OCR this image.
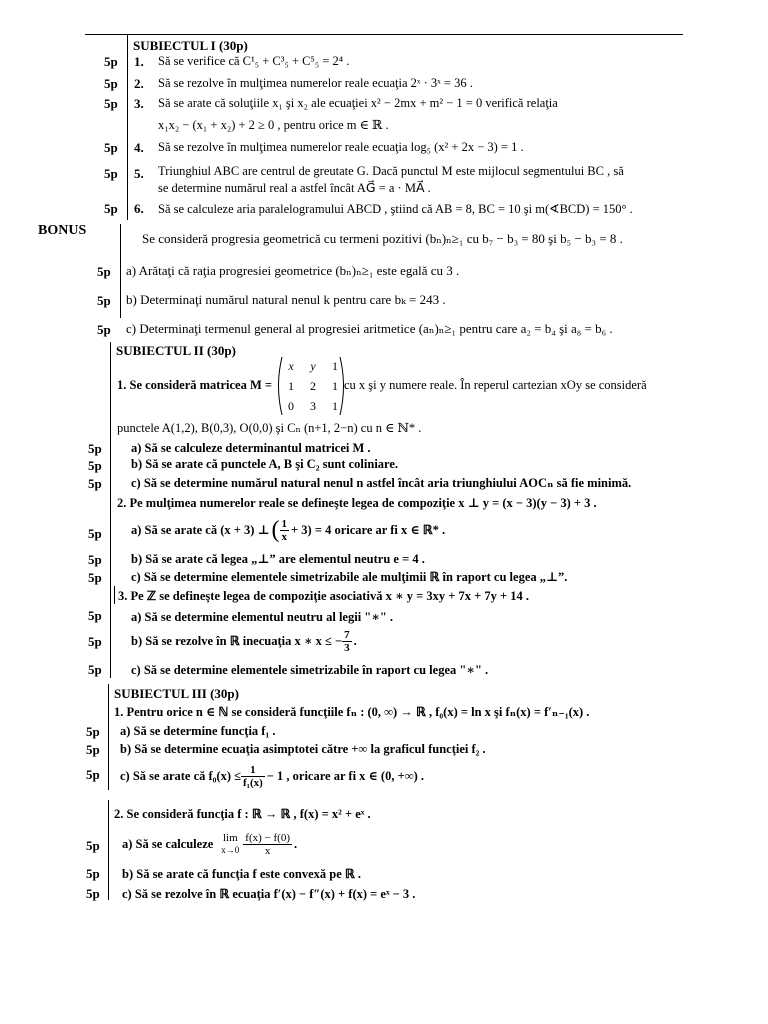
SUBIECTUL I (30p)
5p 1. Să se verifice că C¹₅ + C³₅ + C⁵₅ = 2⁴ .
5p 2. Să se rezolve în mulţimea numerelor reale ecuaţia 2ˣ · 3ˣ = 36 .
5p 3. Să se arate că soluţiile x₁ şi x₂ ale ecuaţiei x² − 2mx + m² − 1 = 0 verifică relaţia
x₁x₂ − (x₁ + x₂) + 2 ≥ 0 , pentru orice m ∈ ℝ .
5p 4. Să se rezolve în mulţimea numerelor reale ecuaţia log₅ (x² + 2x − 3) = 1 .
5p 5. Triunghiul ABC are centrul de greutate G. Dacă punctul M este mijlocul segmentului BC , să
se determine numărul real a astfel încât AG⃗ = a · MA⃗ .
5p 6. Să se calculeze aria paralelogramului ABCD , ştiind că AB = 8, BC = 10 şi m(∢BCD) = 150° .
BONUS
Se consideră progresia geometrică cu termeni pozitivi (bₙ)ₙ≥₁ cu b₇ − b₃ = 80 şi b₅ − b₃ = 8 .
5p a) Arătaţi că raţia progresiei geometrice (bₙ)ₙ≥₁ este egală cu 3 .
5p b) Determinaţi numărul natural nenul k pentru care bₖ = 243 .
5p c) Determinaţi termenul general al progresiei aritmetice (aₙ)ₙ≥₁ pentru care a₂ = b₄ şi a₈ = b₆ .
SUBIECTUL II (30p)
1. Se consideră matricea M =
x y 1
1 2 1
0 3 1
cu x şi y numere reale. În reperul cartezian xOy se consideră
punctele A(1,2), B(0,3), O(0,0) şi Cₙ (n+1, 2−n) cu n ∈ ℕ* .
5p a) Să se calculeze determinantul matricei M .
5p b) Să se arate că punctele A, B şi C₂ sunt coliniare.
5p c) Să se determine numărul natural nenul n astfel încât aria triunghiului AOCₙ să fie minimă.
2. Pe mulţimea numerelor reale se defineşte legea de compoziţie x ⊥ y = (x − 3)(y − 3) + 3 .
5p a) Să se arate că (x + 3) ⊥ ( $\frac{1}{x} + 3) = 4$ oricare ar fi x ∈ ℝ* .
5p b) Să se arate că legea „⊥” are elementul neutru e = 4 .
5p c) Să se determine elementele simetrizabile ale mulţimii ℝ în raport cu legea „⊥”.
3. Pe ℤ se defineşte legea de compoziţie asociativă x ∗ y = 3xy + 7x + 7y + 14 .
5p a) Să se determine elementul neutru al legii "∗" .
5p b) Să se rezolve în ℝ inecuaţia x ∗ x ≤ − $\frac{7}{3}$ .
5p c) Să se determine elementele simetrizabile în raport cu legea "∗" .
SUBIECTUL III (30p)
1. Pentru orice n ∈ ℕ se consideră funcţiile fₙ : (0, ∞) → ℝ , f₀(x) = ln x şi fₙ(x) = f′ₙ₋₁(x) .
5p a) Să se determine funcţia f₁ .
5p b) Să se determine ecuaţia asimptotei către +∞ la graficul funcţiei f₂ .
5p c) Să se arate că $f_0(x) \le \frac{1}{\text{f₁(x)}} - 1$ , oricare ar fi x ∈ (0, +∞) .
2. Se consideră funcţia f : ℝ → ℝ , f(x) = x² + eˣ .
5p a) Să se calculeze lim
$x\to 0 \frac{f(x) - f(0)}{x}$ .
5p b) Să se arate că funcţia f este convexă pe ℝ .
5p c) Să se rezolve în ℝ ecuaţia f′(x) − f″(x) + f(x) = eˣ − 3 .
